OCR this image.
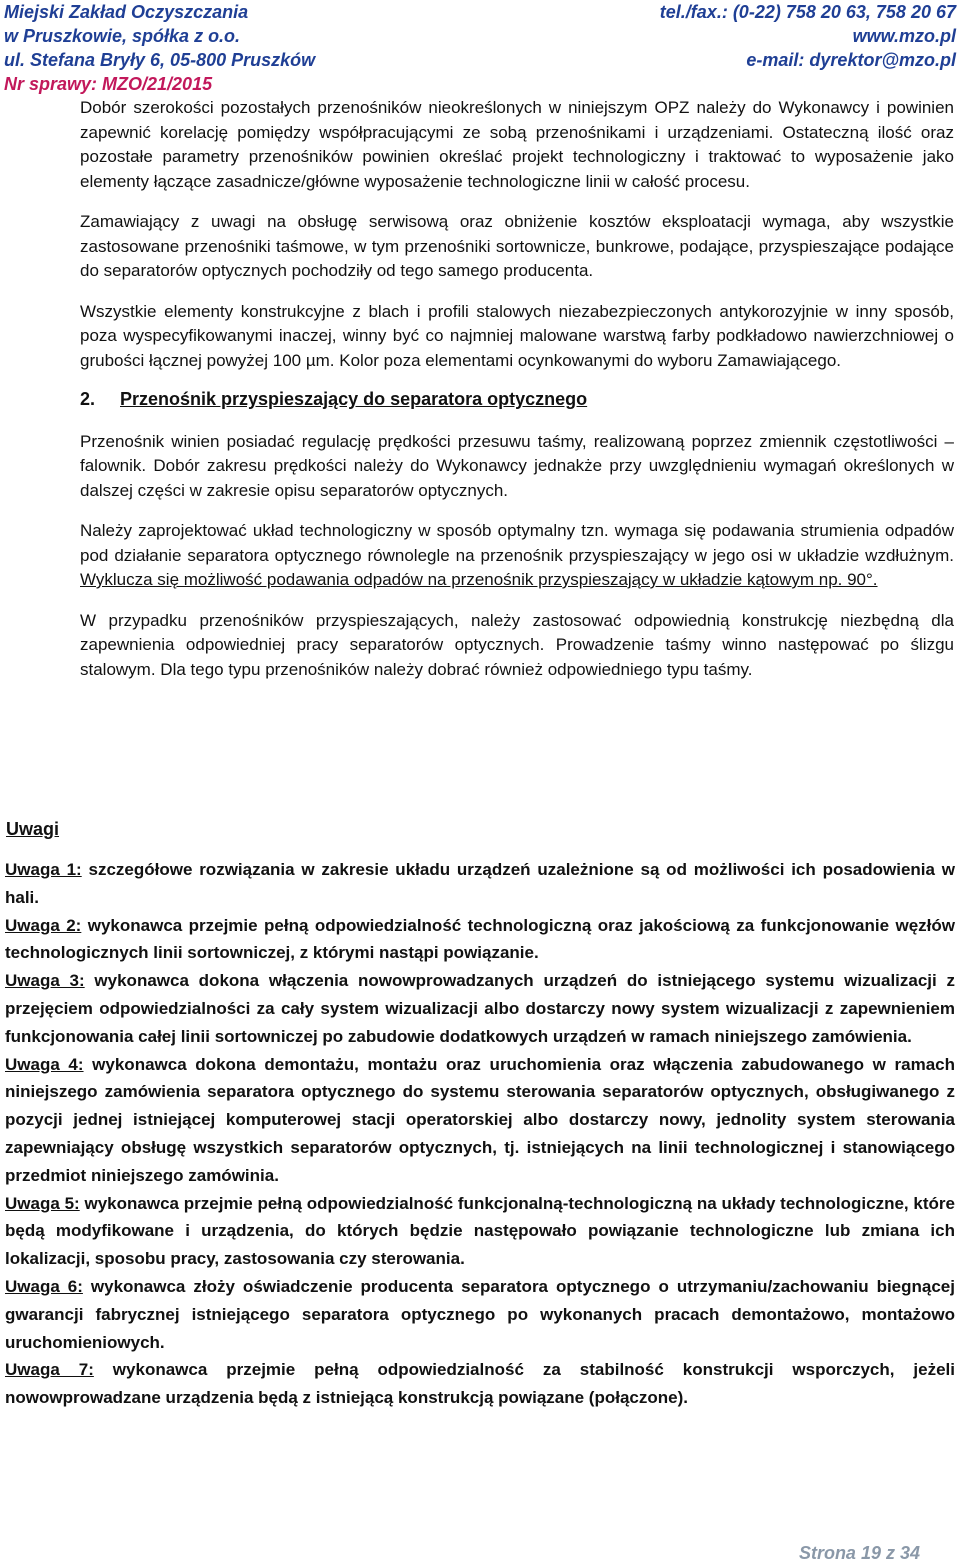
Miejski Zakład Oczyszczania	tel./fax.: (0-22) 758 20 63, 758 20 67
w Pruszkowie, spółka z o.o.	www.mzo.pl
ul. Stefana Bryły 6, 05-800 Pruszków	e-mail: dyrektor@mzo.pl
Nr sprawy: MZO/21/2015

Dobór szerokości pozostałych przenośników nieokreślonych w niniejszym OPZ należy do Wykonawcy i powinien zapewnić korelację pomiędzy współpracującymi ze sobą przenośnikami i urządzeniami. Ostateczną ilość oraz pozostałe parametry przenośników powinien określać projekt technologiczny i traktować to wyposażenie jako elementy łączące zasadnicze/główne wyposażenie technologiczne linii w całość procesu.

Zamawiający z uwagi na obsługę serwisową oraz obniżenie kosztów eksploatacji wymaga, aby wszystkie zastosowane przenośniki taśmowe, w tym przenośniki sortownicze, bunkrowe, podające, przyspieszające podające do separatorów optycznych pochodziły od tego samego producenta.

Wszystkie elementy konstrukcyjne z blach i profili stalowych niezabezpieczonych antykorozyjnie w inny sposób, poza wyspecyfikowanymi inaczej, winny być co najmniej malowane warstwą farby podkładowo nawierzchniowej o grubości łącznej powyżej 100 µm. Kolor poza elementami ocynkowanymi do wyboru Zamawiającego.

2.	Przenośnik przyspieszający do separatora optycznego

Przenośnik winien posiadać regulację prędkości przesuwu taśmy, realizowaną poprzez zmiennik częstotliwości – falownik. Dobór zakresu prędkości należy do Wykonawcy jednakże przy uwzględnieniu wymagań określonych w dalszej części w zakresie opisu separatorów optycznych.

Należy zaprojektować układ technologiczny w sposób optymalny tzn. wymaga się podawania strumienia odpadów pod działanie separatora optycznego równolegle na przenośnik przyspieszający w jego osi w układzie wzdłużnym. Wyklucza się możliwość podawania odpadów na przenośnik przyspieszający w układzie kątowym np. 90°.

W przypadku przenośników przyspieszających, należy zastosować odpowiednią konstrukcję niezbędną dla zapewnienia odpowiedniej pracy separatorów optycznych. Prowadzenie taśmy winno następować po ślizgu stalowym. Dla tego typu przenośników należy dobrać również odpowiedniego typu taśmy.

Uwagi

Uwaga 1: szczegółowe rozwiązania w zakresie układu urządzeń uzależnione są od możliwości ich posadowienia w hali.

Uwaga 2: wykonawca przejmie pełną odpowiedzialność technologiczną oraz jakościową za funkcjonowanie węzłów technologicznych linii sortowniczej, z którymi nastąpi powiązanie.

Uwaga 3: wykonawca dokona włączenia nowowprowadzanych urządzeń do istniejącego systemu wizualizacji z przejęciem odpowiedzialności za cały system wizualizacji albo dostarczy nowy system wizualizacji z zapewnieniem funkcjonowania całej linii sortowniczej po zabudowie dodatkowych urządzeń w ramach niniejszego zamówienia.

Uwaga 4: wykonawca dokona demontażu, montażu oraz uruchomienia oraz włączenia zabudowanego w ramach niniejszego zamówienia separatora optycznego do systemu sterowania separatorów optycznych, obsługiwanego z pozycji jednej istniejącej komputerowej stacji operatorskiej albo dostarczy nowy, jednolity system sterowania zapewniający obsługę wszystkich separatorów optycznych, tj. istniejących na linii technologicznej i stanowiącego przedmiot niniejszego zamówinia.

Uwaga 5: wykonawca przejmie pełną odpowiedzialność funkcjonalną-technologiczną na układy technologiczne, które będą modyfikowane i urządzenia, do których będzie następowało powiązanie technologiczne lub zmiana ich lokalizacji, sposobu pracy, zastosowania czy sterowania.

Uwaga 6: wykonawca złoży oświadczenie producenta separatora optycznego o utrzymaniu/zachowaniu biegnącej gwarancji fabrycznej istniejącego separatora optycznego po wykonanych pracach demontażowo, montażowo uruchomieniowych.

Uwaga 7: wykonawca przejmie pełną odpowiedzialność za stabilność konstrukcji wsporczych, jeżeli nowowprowadzane urządzenia będą z istniejącą konstrukcją powiązane (połączone).

Strona 19 z 34
